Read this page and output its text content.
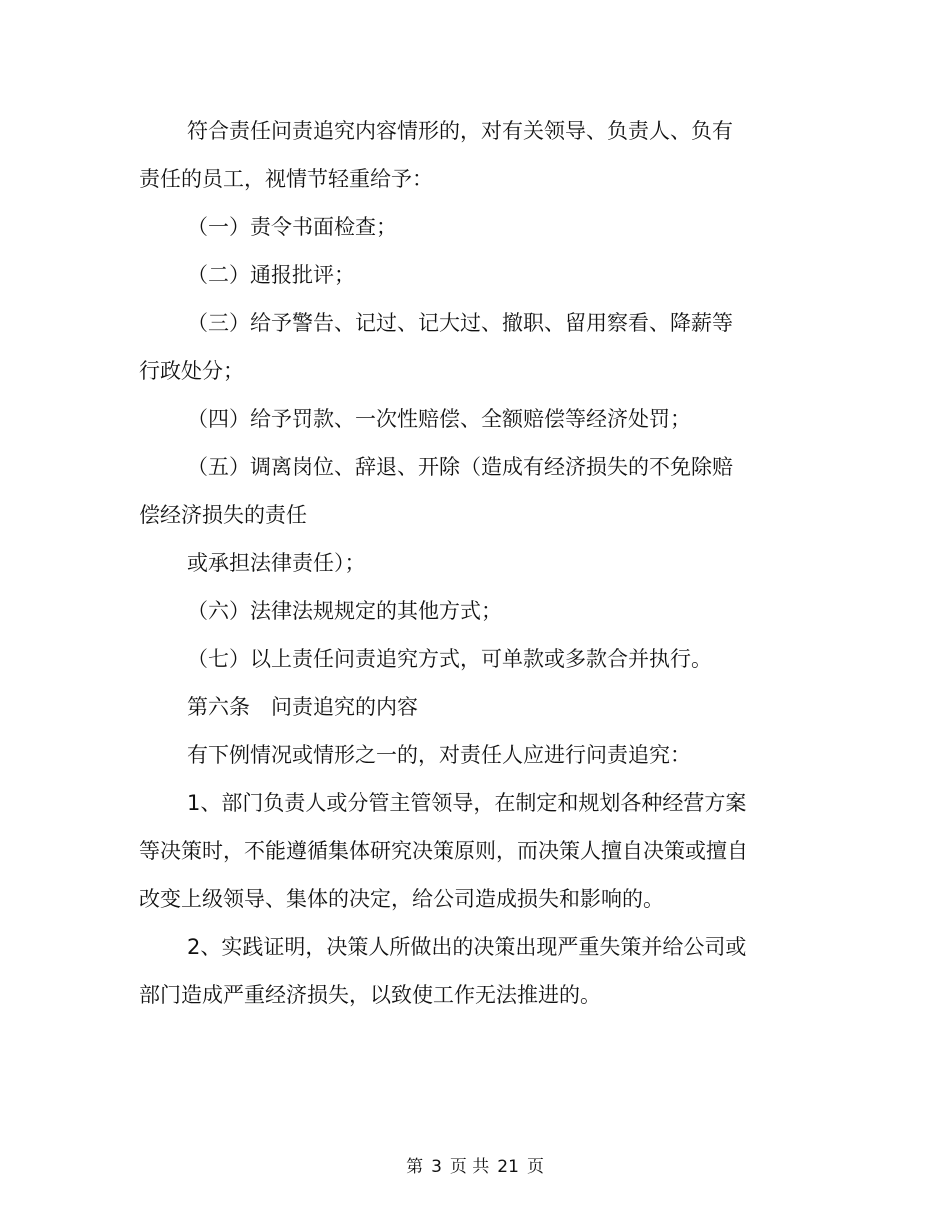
符合责任问责追究内容情形的，对有关领导、负责人、负有责任的员工，视情节轻重给予：

（一）责令书面检查；

（二）通报批评；

（三）给予警告、记过、记大过、撤职、留用察看、降薪等行政处分；

（四）给予罚款、一次性赔偿、全额赔偿等经济处罚；

（五）调离岗位、辞退、开除（造成有经济损失的不免除赔偿经济损失的责任

或承担法律责任）；

（六）法律法规规定的其他方式；

（七）以上责任问责追究方式，可单款或多款合并执行。

第六条　问责追究的内容

有下例情况或情形之一的，对责任人应进行问责追究：

1、部门负责人或分管主管领导，在制定和规划各种经营方案等决策时，不能遵循集体研究决策原则，而决策人擅自决策或擅自改变上级领导、集体的决定，给公司造成损失和影响的。

2、实践证明，决策人所做出的决策出现严重失策并给公司或部门造成严重经济损失，以致使工作无法推进的。

第 3 页 共 21 页
